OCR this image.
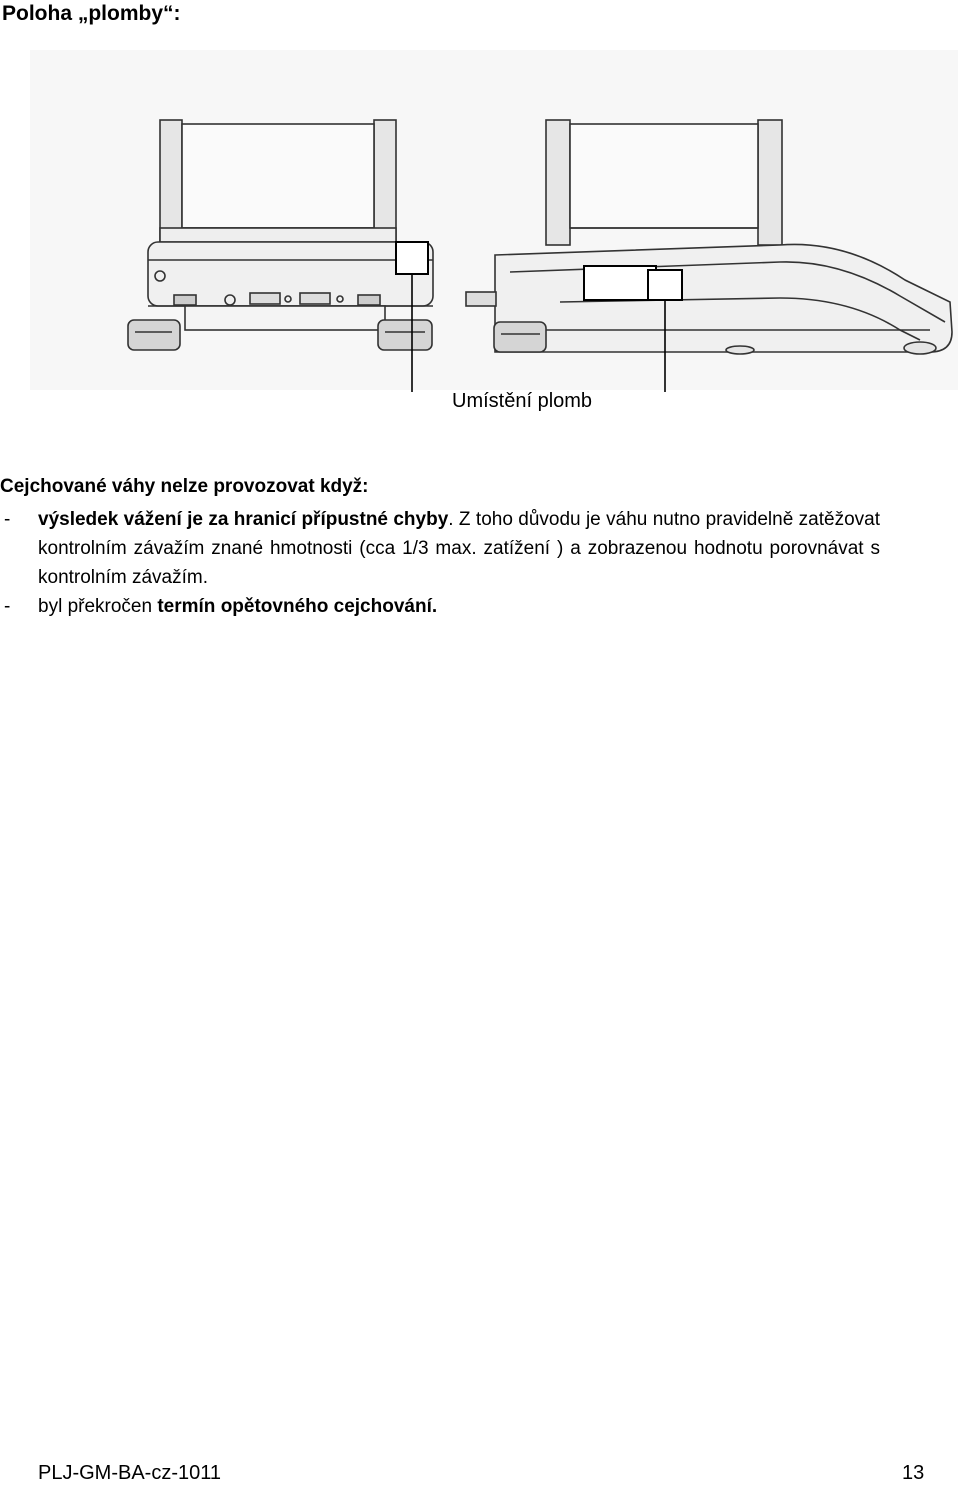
Poloha „plomby“:
Umístění plomb
Cejchované váhy nelze provozovat když:
- výsledek vážení je za hranicí přípustné chyby. Z toho důvodu je váhu nutno pravidelně zatěžovat kontrolním závažím znané hmotnosti (cca 1/3 max. zatížení ) a zobrazenou hodnotu porovnávat s kontrolním závažím.
- byl překročen termín opětovného cejchování.
PLJ-GM-BA-cz-1011	13
